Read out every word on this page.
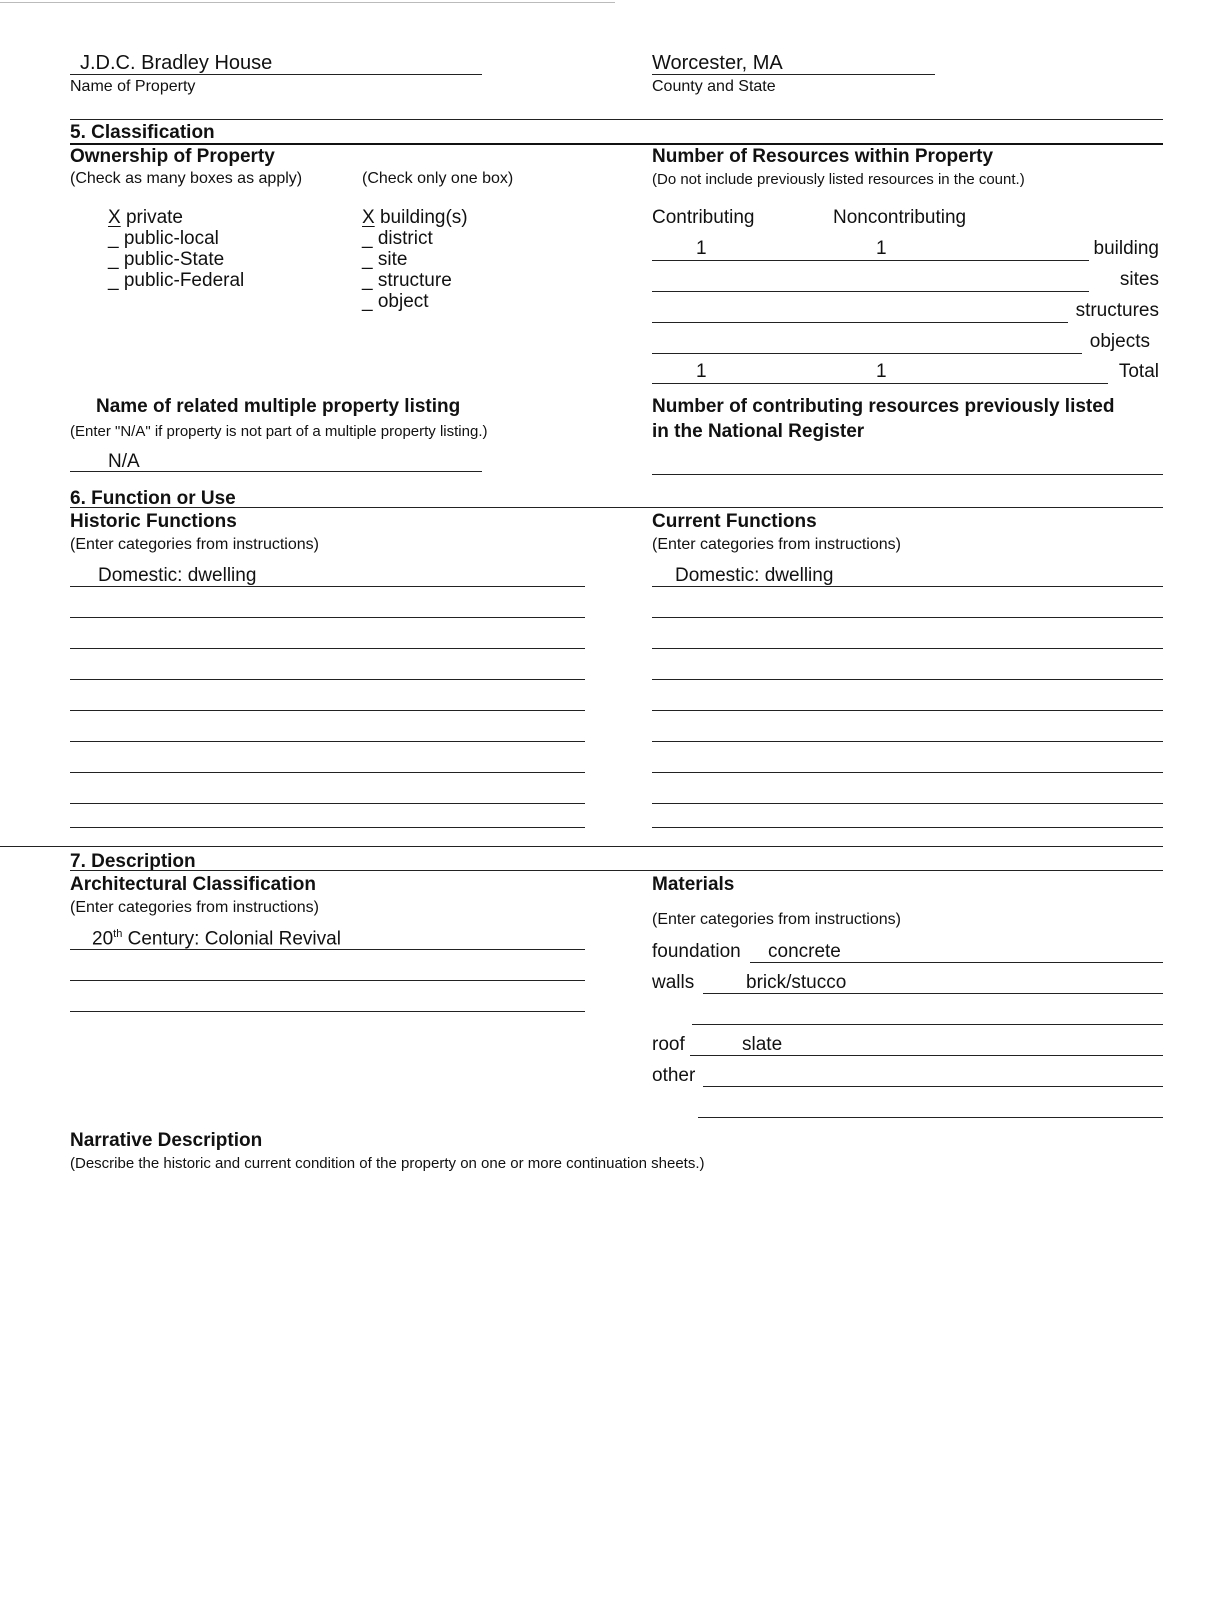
J.D.C. Bradley House
Name of Property
Worcester, MA
County and State
5. Classification
Ownership of Property
(Check as many boxes as apply)	(Check only one box)
X private
_ public-local
_ public-State
_ public-Federal
X building(s)
_ district
_ site
_ structure
_ object
Number of Resources within Property
(Do not include previously listed resources in the count.)
Contributing	Noncontributing
1	1	building
sites
structures
objects
1	1	Total
Name of related multiple property listing
(Enter "N/A" if property is not part of a multiple property listing.)
N/A
Number of contributing resources previously listed
in the National Register
6. Function or Use
Historic Functions
(Enter categories from instructions)
Domestic: dwelling
Current Functions
(Enter categories from instructions)
Domestic: dwelling
7. Description
Architectural Classification
(Enter categories from instructions)
20th Century: Colonial Revival
Materials
(Enter categories from instructions)
foundation concrete
walls	brick/stucco
roof	slate
other
Narrative Description
(Describe the historic and current condition of the property on one or more continuation sheets.)
